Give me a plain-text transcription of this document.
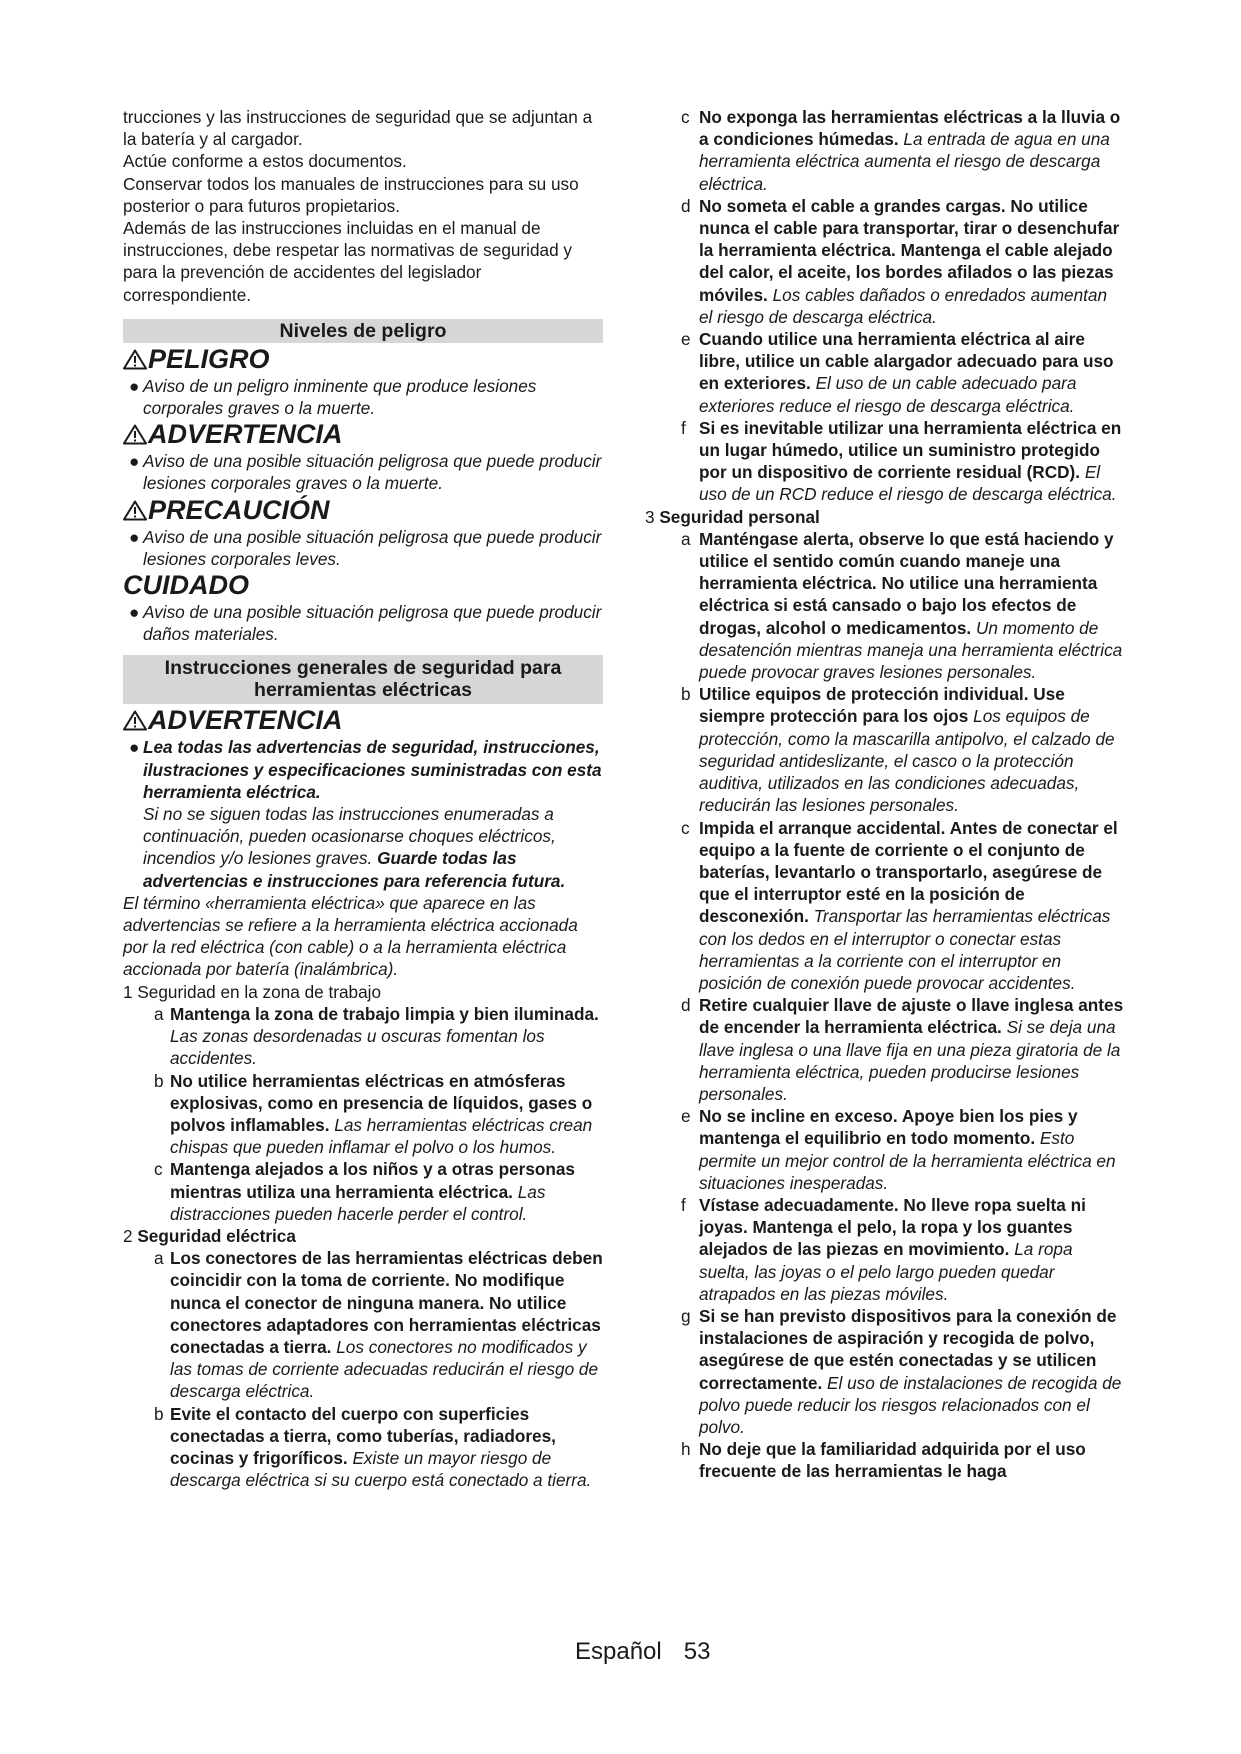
trucciones y las instrucciones de seguridad que se adjuntan a la batería y al cargador.

Actúe conforme a estos documentos.

Conservar todos los manuales de instrucciones para su uso posterior o para futuros propietarios.

Además de las instrucciones incluidas en el manual de instrucciones, debe respetar las normativas de seguridad y para la prevención de accidentes del legislador correspondiente.

Niveles de peligro
PELIGRO
● Aviso de un peligro inminente que produce lesiones corporales graves o la muerte.
ADVERTENCIA
● Aviso de una posible situación peligrosa que puede producir lesiones corporales graves o la muerte.
PRECAUCIÓN
● Aviso de una posible situación peligrosa que puede producir lesiones corporales leves.
CUIDADO
● Aviso de una posible situación peligrosa que puede producir daños materiales.
Instrucciones generales de seguridad para
herramientas eléctricas
ADVERTENCIA
● Lea todas las advertencias de seguridad, instrucciones, ilustraciones y especificaciones suministradas con esta herramienta eléctrica.
Si no se siguen todas las instrucciones enumeradas a continuación, pueden ocasionarse choques eléctricos, incendios y/o lesiones graves. Guarde todas las advertencias e instrucciones para referencia futura.

El término «herramienta eléctrica» que aparece en las advertencias se refiere a la herramienta eléctrica accionada por la red eléctrica (con cable) o a la herramienta eléctrica accionada por batería (inalámbrica).

1 Seguridad en la zona de trabajo
a Mantenga la zona de trabajo limpia y bien iluminada. Las zonas desordenadas u oscuras fomentan los accidentes.
b No utilice herramientas eléctricas en atmósferas explosivas, como en presencia de líquidos, gases o polvos inflamables. Las herramientas eléctricas crean chispas que pueden inflamar el polvo o los humos.
c Mantenga alejados a los niños y a otras personas mientras utiliza una herramienta eléctrica. Las distracciones pueden hacerle perder el control.
2 Seguridad eléctrica
a Los conectores de las herramientas eléctricas deben coincidir con la toma de corriente. No modifique nunca el conector de ninguna manera. No utilice conectores adaptadores con herramientas eléctricas conectadas a tierra. Los conectores no modificados y las tomas de corriente adecuadas reducirán el riesgo de descarga eléctrica.
b Evite el contacto del cuerpo con superficies conectadas a tierra, como tuberías, radiadores, cocinas y frigoríficos. Existe un mayor riesgo de descarga eléctrica si su cuerpo está conectado a tierra.
c No exponga las herramientas eléctricas a la lluvia o a condiciones húmedas. La entrada de agua en una herramienta eléctrica aumenta el riesgo de descarga eléctrica.
d No someta el cable a grandes cargas. No utilice nunca el cable para transportar, tirar o desenchufar la herramienta eléctrica. Mantenga el cable alejado del calor, el aceite, los bordes afilados o las piezas móviles. Los cables dañados o enredados aumentan el riesgo de descarga eléctrica.
e Cuando utilice una herramienta eléctrica al aire libre, utilice un cable alargador adecuado para uso en exteriores. El uso de un cable adecuado para exteriores reduce el riesgo de descarga eléctrica.
f Si es inevitable utilizar una herramienta eléctrica en un lugar húmedo, utilice un suministro protegido por un dispositivo de corriente residual (RCD). El uso de un RCD reduce el riesgo de descarga eléctrica.
3 Seguridad personal
a Manténgase alerta, observe lo que está haciendo y utilice el sentido común cuando maneje una herramienta eléctrica. No utilice una herramienta eléctrica si está cansado o bajo los efectos de drogas, alcohol o medicamentos. Un momento de desatención mientras maneja una herramienta eléctrica puede provocar graves lesiones personales.
b Utilice equipos de protección individual. Use siempre protección para los ojos Los equipos de protección, como la mascarilla antipolvo, el calzado de seguridad antideslizante, el casco o la protección auditiva, utilizados en las condiciones adecuadas, reducirán las lesiones personales.
c Impida el arranque accidental. Antes de conectar el equipo a la fuente de corriente o el conjunto de baterías, levantarlo o transportarlo, asegúrese de que el interruptor esté en la posición de desconexión. Transportar las herramientas eléctricas con los dedos en el interruptor o conectar estas herramientas a la corriente con el interruptor en posición de conexión puede provocar accidentes.
d Retire cualquier llave de ajuste o llave inglesa antes de encender la herramienta eléctrica. Si se deja una llave inglesa o una llave fija en una pieza giratoria de la herramienta eléctrica, pueden producirse lesiones personales.
e No se incline en exceso. Apoye bien los pies y mantenga el equilibrio en todo momento. Esto permite un mejor control de la herramienta eléctrica en situaciones inesperadas.
f Vístase adecuadamente. No lleve ropa suelta ni joyas. Mantenga el pelo, la ropa y los guantes alejados de las piezas en movimiento. La ropa suelta, las joyas o el pelo largo pueden quedar atrapados en las piezas móviles.
g Si se han previsto dispositivos para la conexión de instalaciones de aspiración y recogida de polvo, asegúrese de que estén conectadas y se utilicen correctamente. El uso de instalaciones de recogida de polvo puede reducir los riesgos relacionados con el polvo.
h No deje que la familiaridad adquirida por el uso frecuente de las herramientas le haga
Español 53
